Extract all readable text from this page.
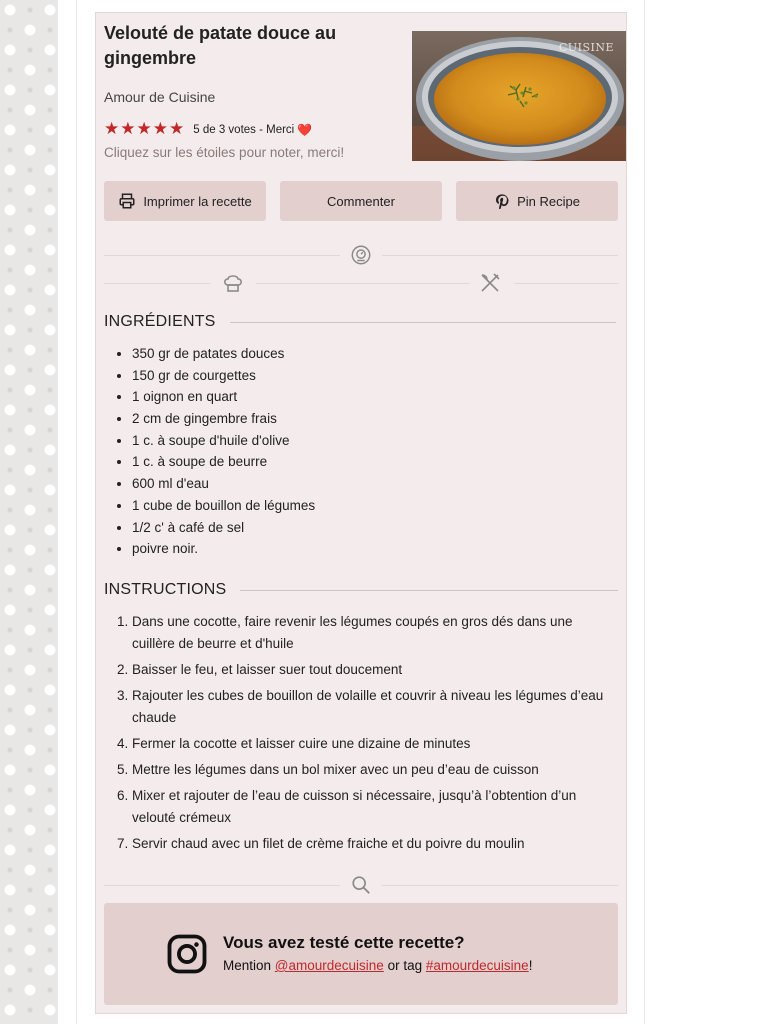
Velouté de patate douce au gingembre
Amour de Cuisine
★★★★★ 5 de 3 votes - Merci ❤️
Cliquez sur les étoiles pour noter, merci!
CUISINE
Imprimer la recette	Commenter	Pin Recipe
INGRÉDIENTS
• 350 gr de patates douces
• 150 gr de courgettes
• 1 oignon en quart
• 2 cm de gingembre frais
• 1 c. à soupe d'huile d'olive
• 1 c. à soupe de beurre
• 600 ml d'eau
• 1 cube de bouillon de légumes
• 1/2 c' à café de sel
• poivre noir.
INSTRUCTIONS
1. Dans une cocotte, faire revenir les légumes coupés en gros dés dans une cuillère de beurre et d'huile
2. Baisser le feu, et laisser suer tout doucement
3. Rajouter les cubes de bouillon de volaille et couvrir à niveau les légumes d’eau chaude
4. Fermer la cocotte et laisser cuire une dizaine de minutes
5. Mettre les légumes dans un bol mixer avec un peu d’eau de cuisson
6. Mixer et rajouter de l’eau de cuisson si nécessaire, jusqu’à l’obtention d’un velouté crémeux
7. Servir chaud avec un filet de crème fraiche et du poivre du moulin
Vous avez testé cette recette?
Mention @amourdecuisine or tag #amourdecuisine!
